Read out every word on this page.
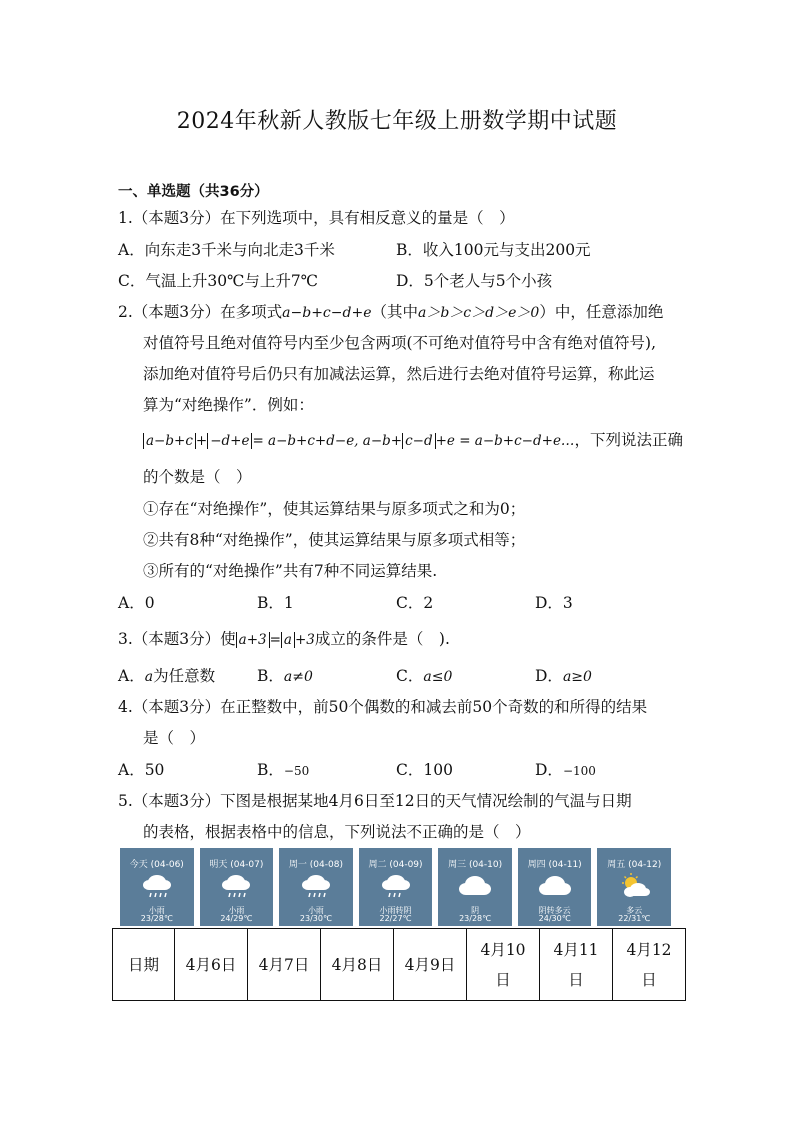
2024年秋新人教版七年级上册数学期中试题
一、单选题（共36分）
1.（本题3分）在下列选项中，具有相反意义的量是（　）
A．向东走3千米与向北走3千米	B．收入100元与支出200元
C．气温上升30℃与上升7℃	D．5个老人与5个小孩
2.（本题3分）在多项式a−b+c−d+e（其中a＞b＞c＞d＞e＞0）中，任意添加绝
对值符号且绝对值符号内至少包含两项(不可绝对值符号中含有绝对值符号),
添加绝对值符号后仍只有加减法运算，然后进行去绝对值符号运算，称此运
算为“对绝操作”．例如：
a−b+c + −d+e = a−b+c+d−e, a−b+ c−d +e = a−b+c−d+e…，下列说法正确
的个数是（　）
①存在“对绝操作”，使其运算结果与原多项式之和为0；
②共有8种“对绝操作”，使其运算结果与原多项式相等；
③所有的“对绝操作”共有7种不同运算结果.
A．0	B．1	C．2	D．3
3.（本题3分）使 a+3 = a +3成立的条件是（　).
A．a为任意数	B．a≠0	C．a≤0	D．a≥0
4.（本题3分）在正整数中，前50个偶数的和减去前50个奇数的和所得的结果
是（　）
A．50	B．−50	C．100	D．−100
5.（本题3分）下图是根据某地4月6日至12日的天气情况绘制的气温与日期
的表格，根据表格中的信息，下列说法不正确的是（　）
今天 (04-06)
小雨
23/28℃
明天 (04-07)
小雨
24/29℃
周一 (04-08)
小雨
23/30℃
周二 (04-09)
小雨转阴
22/27℃
周三 (04-10)
阴
23/28℃
周四 (04-11)
阴转多云
24/30℃
周五 (04-12)
多云
22/31℃
日期	4月6日	4月7日	4月8日	4月9日	4月10日	4月11日	4月12日
